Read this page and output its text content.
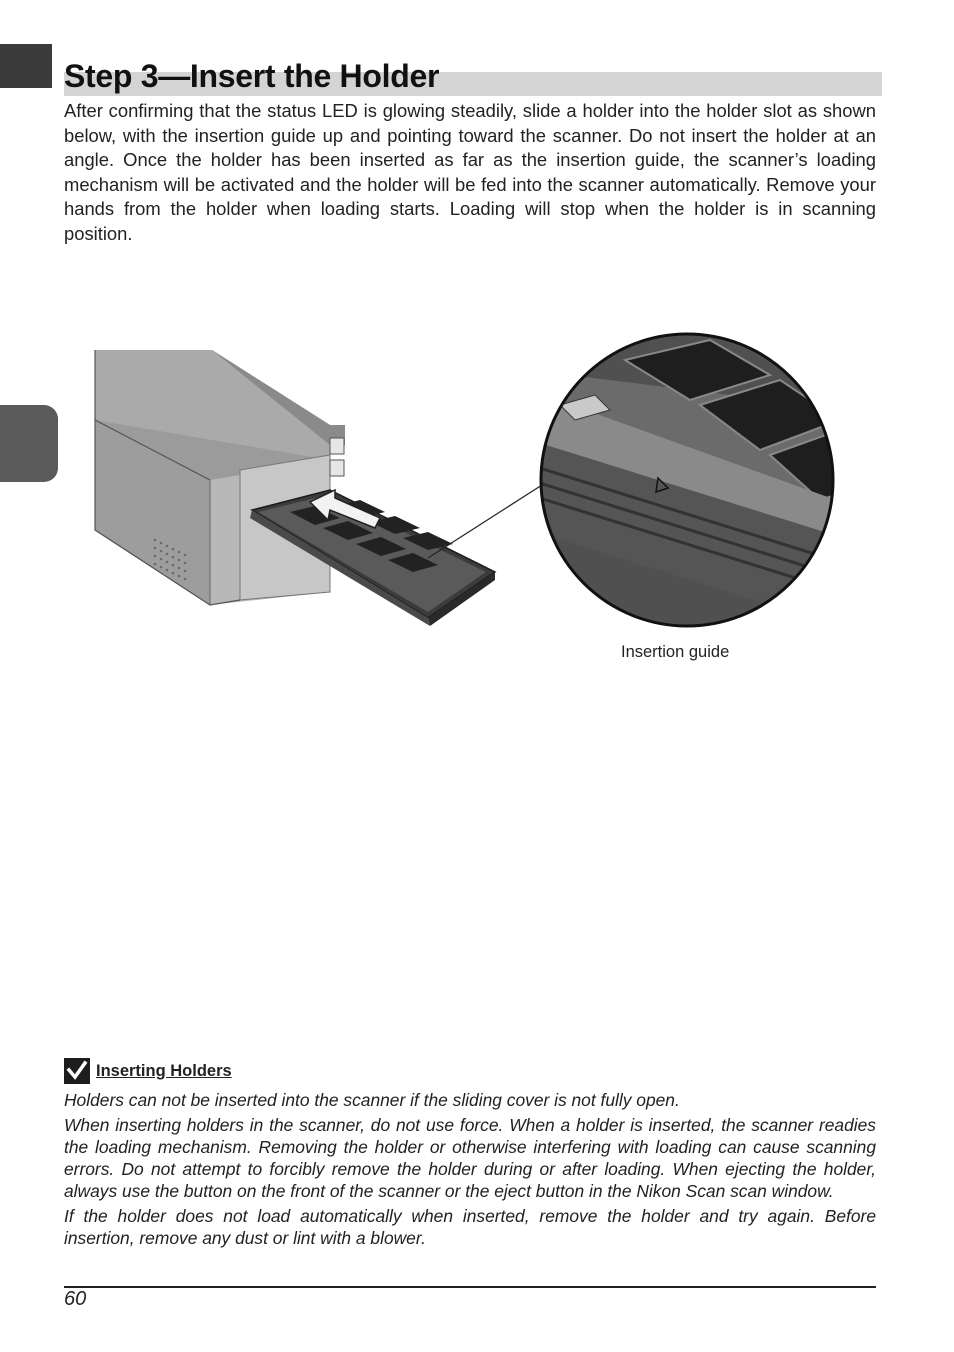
Step 3—Insert the Holder

After confirming that the status LED is glowing steadily, slide a holder into the holder slot as shown below, with the insertion guide up and pointing toward the scanner. Do not insert the holder at an angle. Once the holder has been inserted as far as the insertion guide, the scanner’s loading mechanism will be activated and the holder will be fed into the scanner automatically. Remove your hands from the holder when loading starts. Loading will stop when the holder is in scanning position.

Insertion guide
Inserting Holders

Holders can not be inserted into the scanner if the sliding cover is not fully open.

When inserting holders in the scanner, do not use force. When a holder is inserted, the scanner readies the loading mechanism. Removing the holder or otherwise interfering with loading can cause scanning errors. Do not attempt to forcibly remove the holder during or after loading. When ejecting the holder, always use the button on the front of the scanner or the eject button in the Nikon Scan scan window.

If the holder does not load automatically when inserted, remove the holder and try again. Before insertion, remove any dust or lint with a blower.

60
